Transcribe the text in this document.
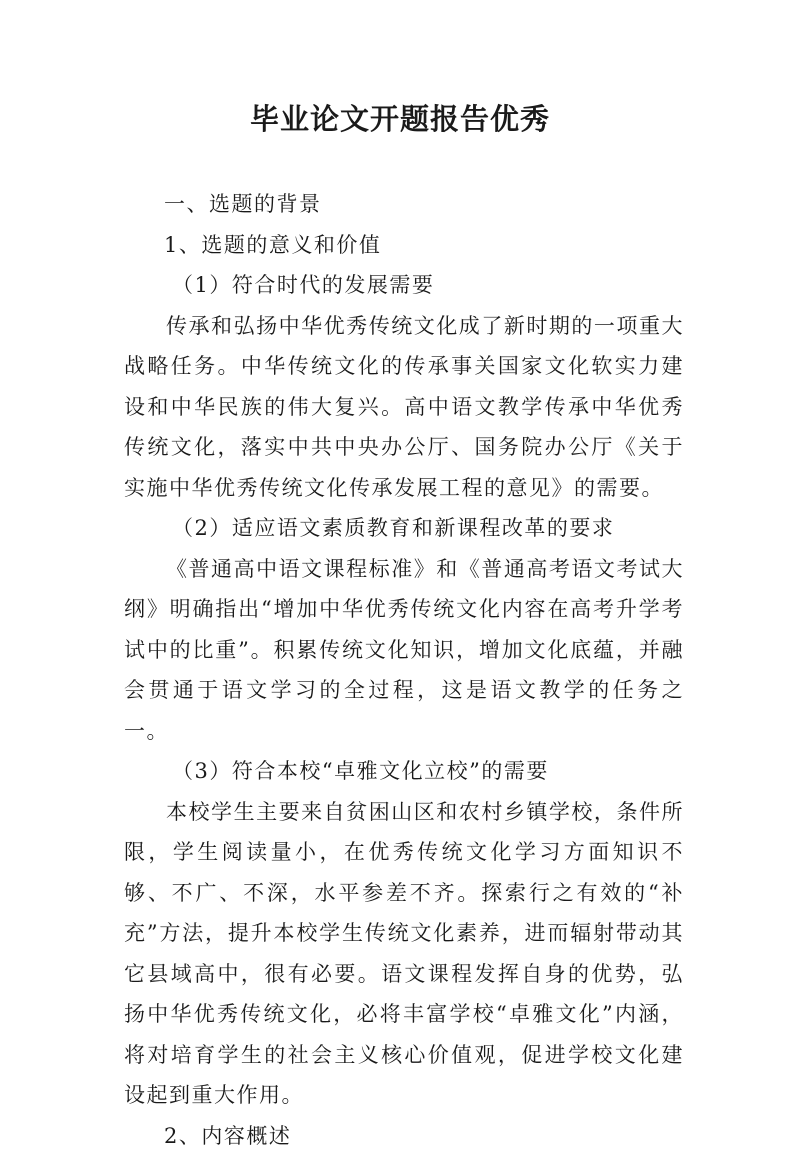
毕业论文开题报告优秀

一、选题的背景

1、选题的意义和价值

（1）符合时代的发展需要

传承和弘扬中华优秀传统文化成了新时期的一项重大战略任务。中华传统文化的传承事关国家文化软实力建设和中华民族的伟大复兴。高中语文教学传承中华优秀传统文化，落实中共中央办公厅、国务院办公厅《关于实施中华优秀传统文化传承发展工程的意见》的需要。

（2）适应语文素质教育和新课程改革的要求

《普通高中语文课程标准》和《普通高考语文考试大纲》明确指出“增加中华优秀传统文化内容在高考升学考试中的比重”。积累传统文化知识，增加文化底蕴，并融会贯通于语文学习的全过程，这是语文教学的任务之一。

（3）符合本校“卓雅文化立校”的需要

本校学生主要来自贫困山区和农村乡镇学校，条件所限，学生阅读量小，在优秀传统文化学习方面知识不够、不广、不深，水平参差不齐。探索行之有效的“补充”方法，提升本校学生传统文化素养，进而辐射带动其它县域高中，很有必要。语文课程发挥自身的优势，弘扬中华优秀传统文化，必将丰富学校“卓雅文化”内涵，将对培育学生的社会主义核心价值观，促进学校文化建设起到重大作用。

2、内容概述
